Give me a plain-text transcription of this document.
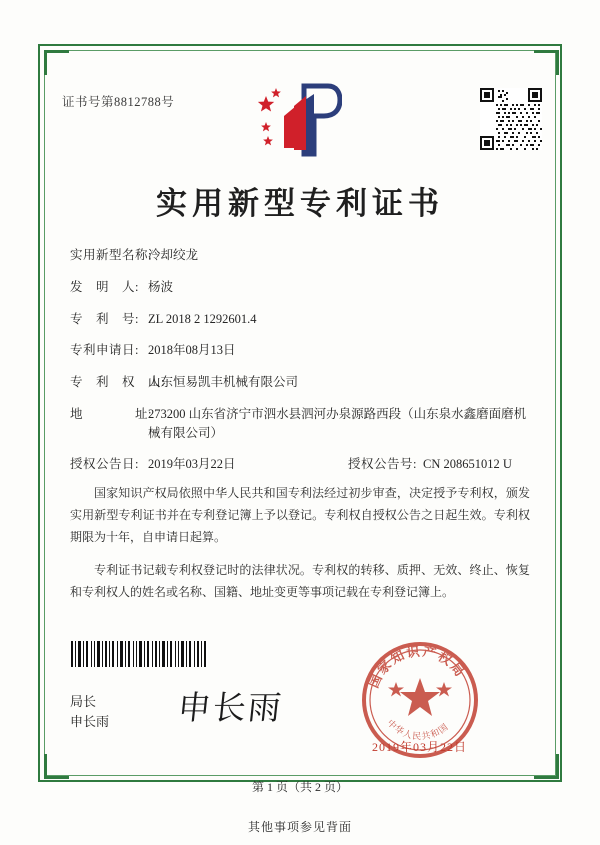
证书号第8812788号
实用新型专利证书
实用新型名称:
冷却绞龙
发　明　人: 杨波
专　利　号: ZL 2018 2 1292601.4
专利申请日: 2018年08月13日
专　利　权　人:
山东恒易凯丰机械有限公司
地　　　　址:
273200 山东省济宁市泗水县泗河办泉源路西段（山东泉水鑫磨面磨机械有限公司）
授权公告日: 2019年03月22日	授权公告号: CN 208651012 U

国家知识产权局依照中华人民共和国专利法经过初步审查，决定授予专利权，颁发实用新型专利证书并在专利登记簿上予以登记。专利权自授权公告之日起生效。专利权期限为十年，自申请日起算。

专利证书记载专利权登记时的法律状况。专利权的转移、质押、无效、终止、恢复和专利权人的姓名或名称、国籍、地址变更等事项记载在专利登记簿上。

局长
申长雨 申长雨
国家知识产权局
中华人民共和国
2019年03月22日
第 1 页（共 2 页）
其他事项参见背面
